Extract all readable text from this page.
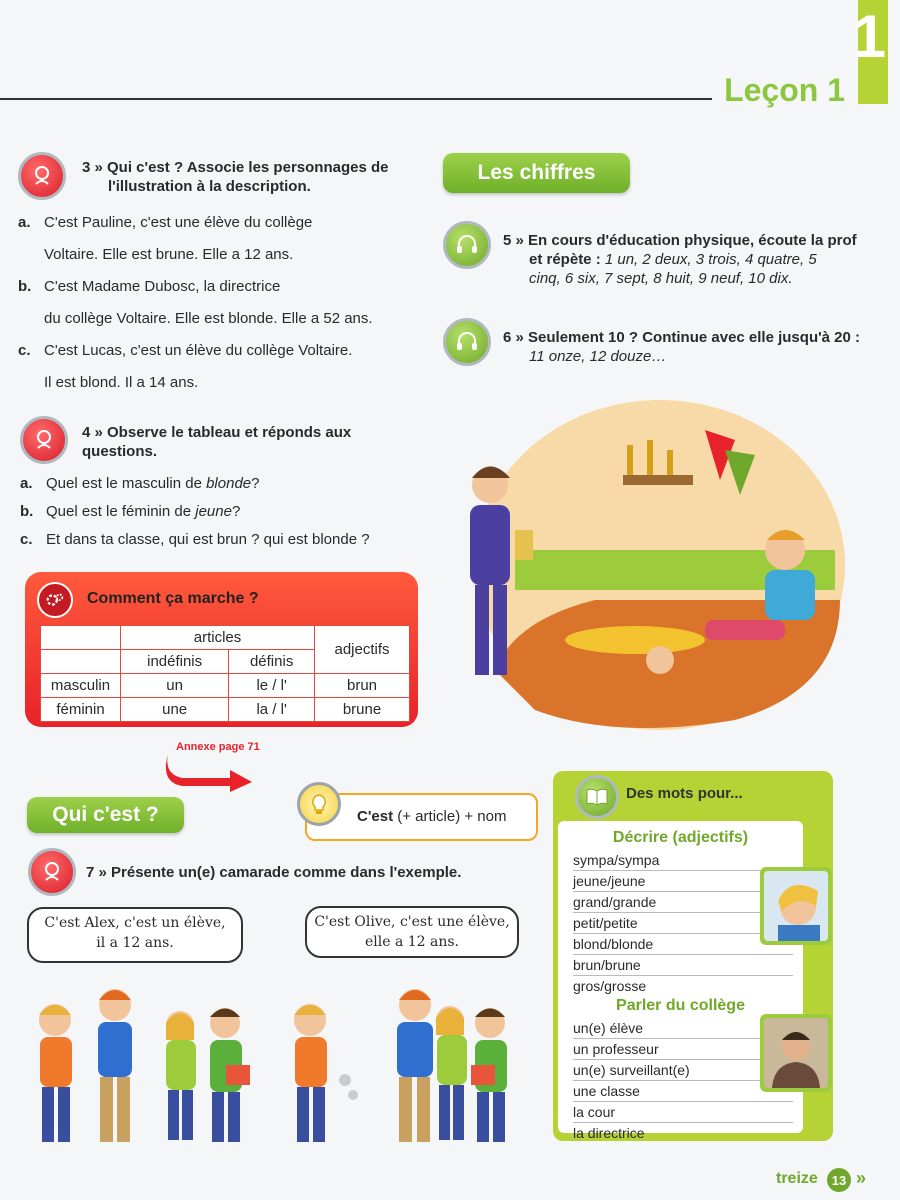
1
Leçon 1
3 » Qui c'est ? Associe les personnages de
l'illustration à la description.
a. C'est Pauline, c'est une élève du collège
Voltaire. Elle est brune. Elle a 12 ans.
b. C'est Madame Dubosc, la directrice
du collège Voltaire. Elle est blonde. Elle a 52 ans.
c. C'est Lucas, c'est un élève du collège Voltaire.
Il est blond. Il a 14 ans.
4 » Observe le tableau et réponds aux
questions.
a. Quel est le masculin de blonde?
b. Quel est le féminin de jeune?
c. Et dans ta classe, qui est brun ? qui est blonde ?
Comment ça marche ?
	articles		adjectifs
	indéfinis	définis	
masculin	un	le / l'	brun
féminin	une	la / l'	brune
Annexe page 71
Les chiffres
5 » En cours d'éducation physique, écoute la prof
et répète : 1 un, 2 deux, 3 trois, 4 quatre, 5
cinq, 6 six, 7 sept, 8 huit, 9 neuf, 10 dix.
6 » Seulement 10 ? Continue avec elle jusqu'à 20 :
11 onze, 12 douze…
Qui c'est ?	C'est (+ article) + nom
7 » Présente un(e) camarade comme dans l'exemple.
C'est Alex, c'est un élève,
il a 12 ans.
C'est Olive, c'est une élève,
elle a 12 ans.
Des mots pour...
Décrire (adjectifs)
sympa/sympa
jeune/jeune
grand/grande
petit/petite
blond/blonde
brun/brune
gros/grosse
Parler du collège
un(e) élève
un professeur
un(e) surveillant(e)
une classe
la cour
la directrice
treize	13 »
